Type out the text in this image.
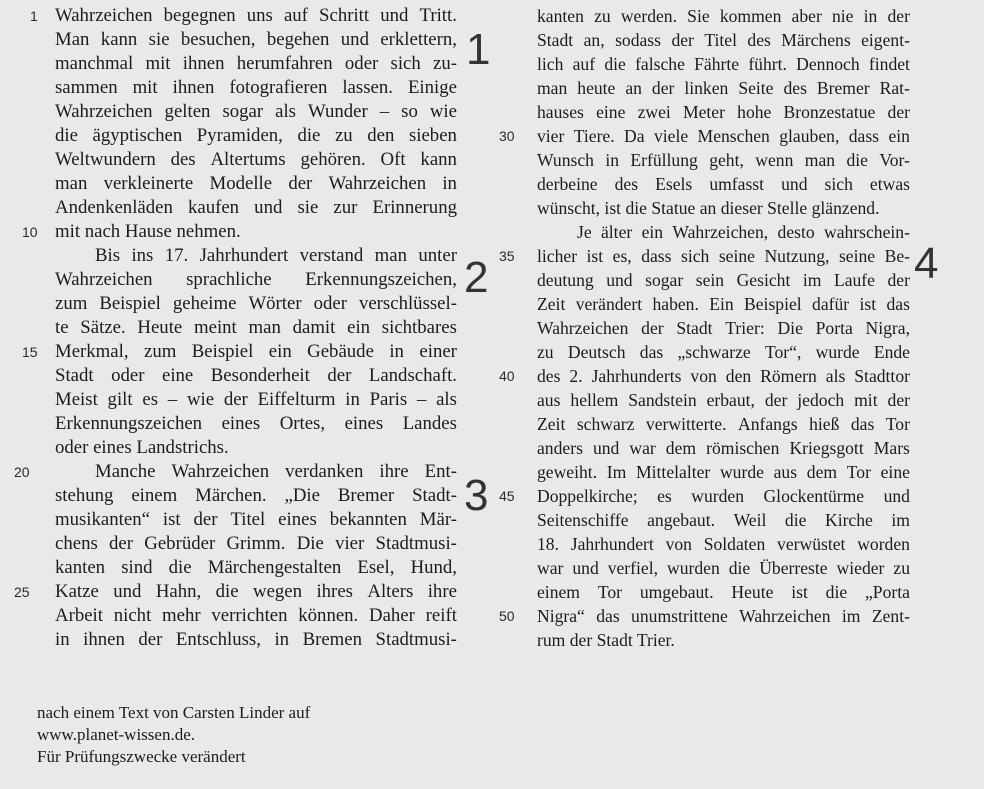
Wahrzeichen begegnen uns auf Schritt und Tritt.
Man kann sie besuchen, begehen und erklettern,
manchmal mit ihnen herumfahren oder sich zu-
sammen mit ihnen fotografieren lassen. Einige
Wahrzeichen gelten sogar als Wunder – so wie
die ägyptischen Pyramiden, die zu den sieben
Weltwundern des Altertums gehören. Oft kann
man verkleinerte Modelle der Wahrzeichen in
Andenkenläden kaufen und sie zur Erinnerung
mit nach Hause nehmen.
Bis ins 17. Jahrhundert verstand man unter
Wahrzeichen sprachliche Erkennungszeichen,
zum Beispiel geheime Wörter oder verschlüssel-
te Sätze. Heute meint man damit ein sichtbares
Merkmal, zum Beispiel ein Gebäude in einer
Stadt oder eine Besonderheit der Landschaft.
Meist gilt es – wie der Eiffelturm in Paris – als
Erkennungszeichen eines Ortes, eines Landes
oder eines Landstrichs.
Manche Wahrzeichen verdanken ihre Ent-
stehung einem Märchen. „Die Bremer Stadt-
musikanten“ ist der Titel eines bekannten Mär-
chens der Gebrüder Grimm. Die vier Stadtmusi-
kanten sind die Märchengestalten Esel, Hund,
Katze und Hahn, die wegen ihres Alters ihre
Arbeit nicht mehr verrichten können. Daher reift
in ihnen der Entschluss, in Bremen Stadtmusi-
kanten zu werden. Sie kommen aber nie in der
Stadt an, sodass der Titel des Märchens eigent-
lich auf die falsche Fährte führt. Dennoch findet
man heute an der linken Seite des Bremer Rat-
hauses eine zwei Meter hohe Bronzestatue der
vier Tiere. Da viele Menschen glauben, dass ein
Wunsch in Erfüllung geht, wenn man die Vor-
derbeine des Esels umfasst und sich etwas
wünscht, ist die Statue an dieser Stelle glänzend.
Je älter ein Wahrzeichen, desto wahrschein-
licher ist es, dass sich seine Nutzung, seine Be-
deutung und sogar sein Gesicht im Laufe der
Zeit verändert haben. Ein Beispiel dafür ist das
Wahrzeichen der Stadt Trier: Die Porta Nigra,
zu Deutsch das „schwarze Tor“, wurde Ende
des 2. Jahrhunderts von den Römern als Stadttor
aus hellem Sandstein erbaut, der jedoch mit der
Zeit schwarz verwitterte. Anfangs hieß das Tor
anders und war dem römischen Kriegsgott Mars
geweiht. Im Mittelalter wurde aus dem Tor eine
Doppelkirche; es wurden Glockentürme und
Seitenschiffe angebaut. Weil die Kirche im
18. Jahrhundert von Soldaten verwüstet worden
war und verfiel, wurden die Überreste wieder zu
einem Tor umgebaut. Heute ist die „Porta
Nigra“ das unumstrittene Wahrzeichen im Zent-
rum der Stadt Trier.
1
10
15
20
25
30
35
40
45
50
1
2
3
4
nach einem Text von Carsten Linder auf
www.planet-wissen.de.
Für Prüfungszwecke verändert
